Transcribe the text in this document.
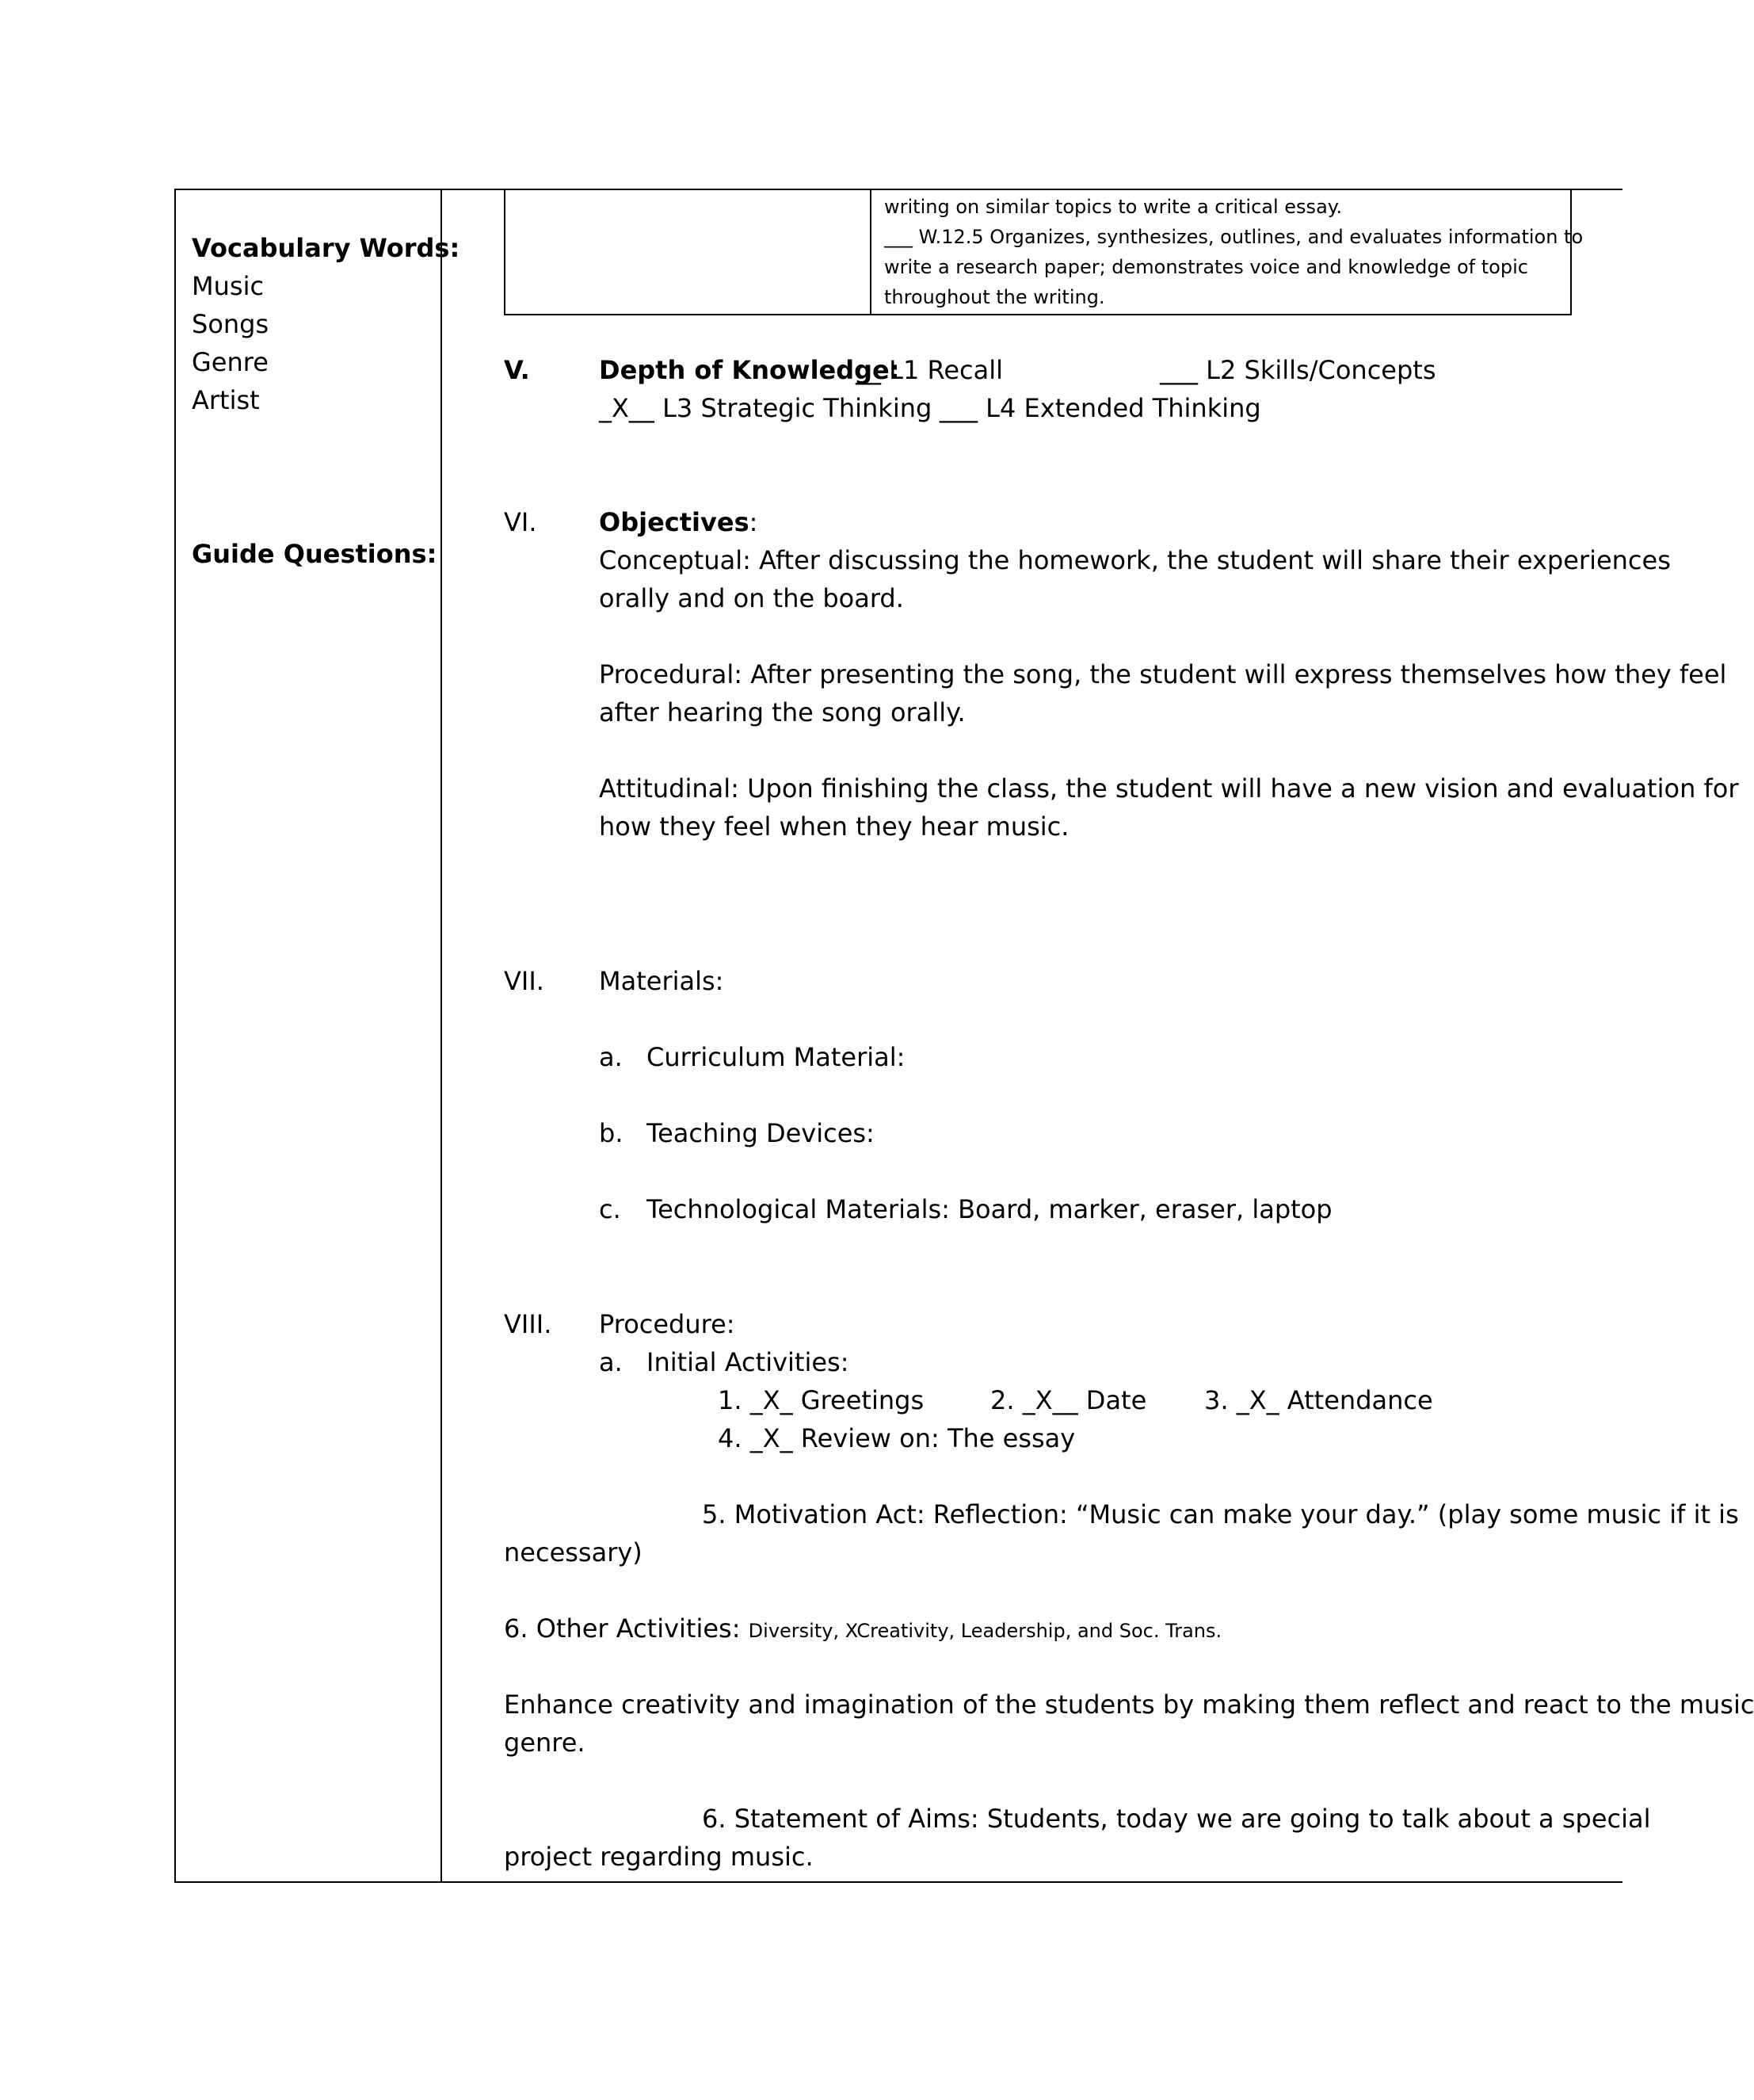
Vocabulary Words:
Music
Songs
Genre
Artist
Guide Questions:
writing on similar topics to write a critical essay.
___ W.12.5 Organizes, synthesizes, outlines, and evaluates information to
write a research paper; demonstrates voice and knowledge of topic
throughout the writing.
V.	Depth of Knowledge:
__ L1 Recall	___ L2 Skills/Concepts
_X__ L3 Strategic Thinking ___ L4 Extended Thinking
VI. Objectives:
Conceptual: After discussing the homework, the student will share their experiences
orally and on the board.
Procedural: After presenting the song, the student will express themselves how they feel
after hearing the song orally.
Attitudinal: Upon finishing the class, the student will have a new vision and evaluation for
how they feel when they hear music.
VII. Materials:
a. Curriculum Material:
b. Teaching Devices:
c. Technological Materials: Board, marker, eraser, laptop
VIII. Procedure:
a. Initial Activities:
1. _X_ Greetings	2. _X__ Date 3. _X_ Attendance
4. _X_ Review on: The essay
5. Motivation Act: Reflection: “Music can make your day.” (play some music if it is
necessary)
6. Other Activities: Diversity, XCreativity, Leadership, and Soc. Trans.
Enhance creativity and imagination of the students by making them reflect and react to the music
genre.
6. Statement of Aims: Students, today we are going to talk about a special
project regarding music.
